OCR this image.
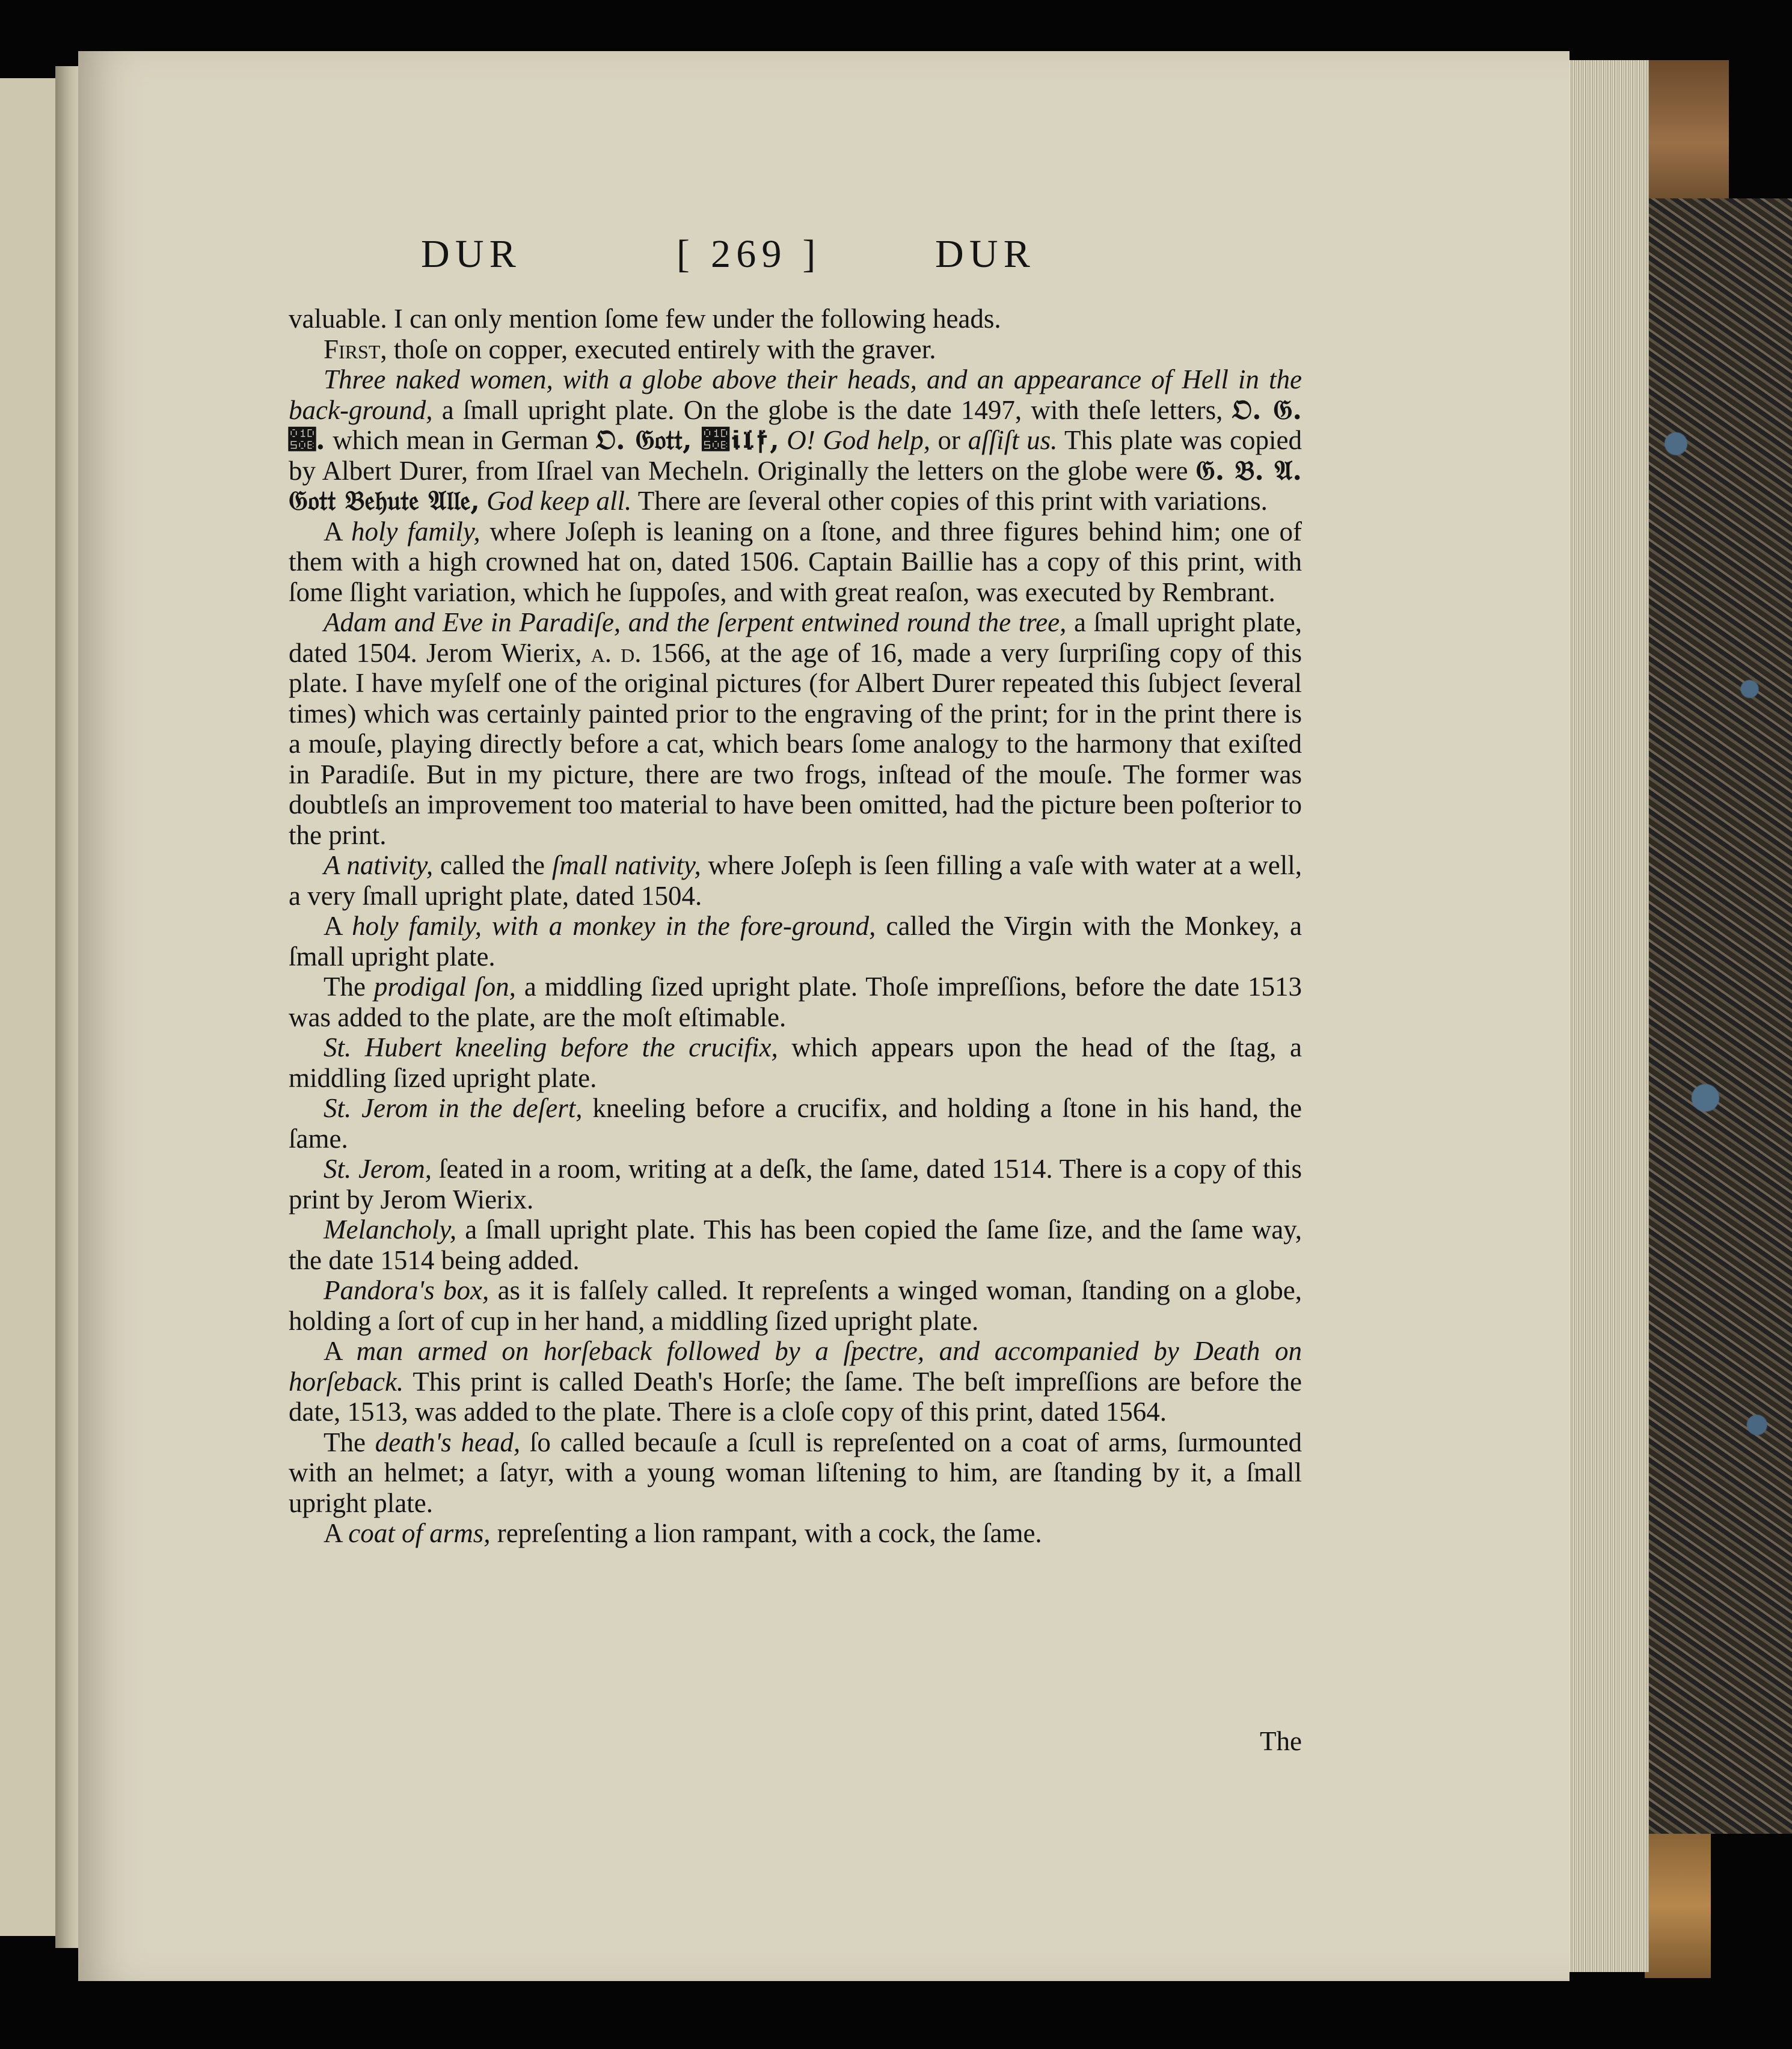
DUR	[ 269 ]	DUR

valuable. I can only mention ſome few under the following heads.

First, thoſe on copper, executed entirely with the graver.

Three naked women, with a globe above their heads, and an appearance of Hell in the back-ground, a ſmall upright plate. On the globe is the date 1497, with theſe letters, 𝔒. 𝔊. 𝔋. which mean in German 𝔒. 𝔊𝔬𝔱𝔱, 𝔋𝔦𝔩𝔣, O! God help, or aſſiſt us. This plate was copied by Albert Durer, from Iſrael van Mecheln. Originally the letters on the globe were 𝔊. 𝔅. 𝔄. 𝔊𝔬𝔱𝔱 𝔅𝔢𝔥𝔲𝔱𝔢 𝔄𝔩𝔩𝔢, God keep all. There are ſeveral other copies of this print with variations.

A holy family, where Joſeph is leaning on a ſtone, and three figures behind him; one of them with a high crowned hat on, dated 1506. Captain Baillie has a copy of this print, with ſome ſlight variation, which he ſuppoſes, and with great reaſon, was executed by Rembrant.

Adam and Eve in Paradiſe, and the ſerpent entwined round the tree, a ſmall upright plate, dated 1504. Jerom Wierix, a. d. 1566, at the age of 16, made a very ſurpriſing copy of this plate. I have myſelf one of the original pictures (for Albert Durer repeated this ſubject ſeveral times) which was certainly painted prior to the engraving of the print; for in the print there is a mouſe, playing directly before a cat, which bears ſome analogy to the harmony that exiſted in Paradiſe. But in my picture, there are two frogs, inſtead of the mouſe. The former was doubtleſs an improvement too material to have been omitted, had the picture been poſterior to the print.

A nativity, called the ſmall nativity, where Joſeph is ſeen filling a vaſe with water at a well, a very ſmall upright plate, dated 1504.

A holy family, with a monkey in the fore-ground, called the Virgin with the Monkey, a ſmall upright plate.

The prodigal ſon, a middling ſized upright plate. Thoſe impreſſions, before the date 1513 was added to the plate, are the moſt eſtimable.

St. Hubert kneeling before the crucifix, which appears upon the head of the ſtag, a middling ſized upright plate.

St. Jerom in the deſert, kneeling before a crucifix, and holding a ſtone in his hand, the ſame.

St. Jerom, ſeated in a room, writing at a deſk, the ſame, dated 1514. There is a copy of this print by Jerom Wierix.

Melancholy, a ſmall upright plate. This has been copied the ſame ſize, and the ſame way, the date 1514 being added.

Pandora's box, as it is falſely called. It repreſents a winged woman, ſtanding on a globe, holding a ſort of cup in her hand, a middling ſized upright plate.

A man armed on horſeback followed by a ſpectre, and accompanied by Death on horſeback. This print is called Death's Horſe; the ſame. The beſt impreſſions are before the date, 1513, was added to the plate. There is a cloſe copy of this print, dated 1564.

The death's head, ſo called becauſe a ſcull is repreſented on a coat of arms, ſurmounted with an helmet; a ſatyr, with a young woman liſtening to him, are ſtanding by it, a ſmall upright plate.

A coat of arms, repreſenting a lion rampant, with a cock, the ſame.

The
